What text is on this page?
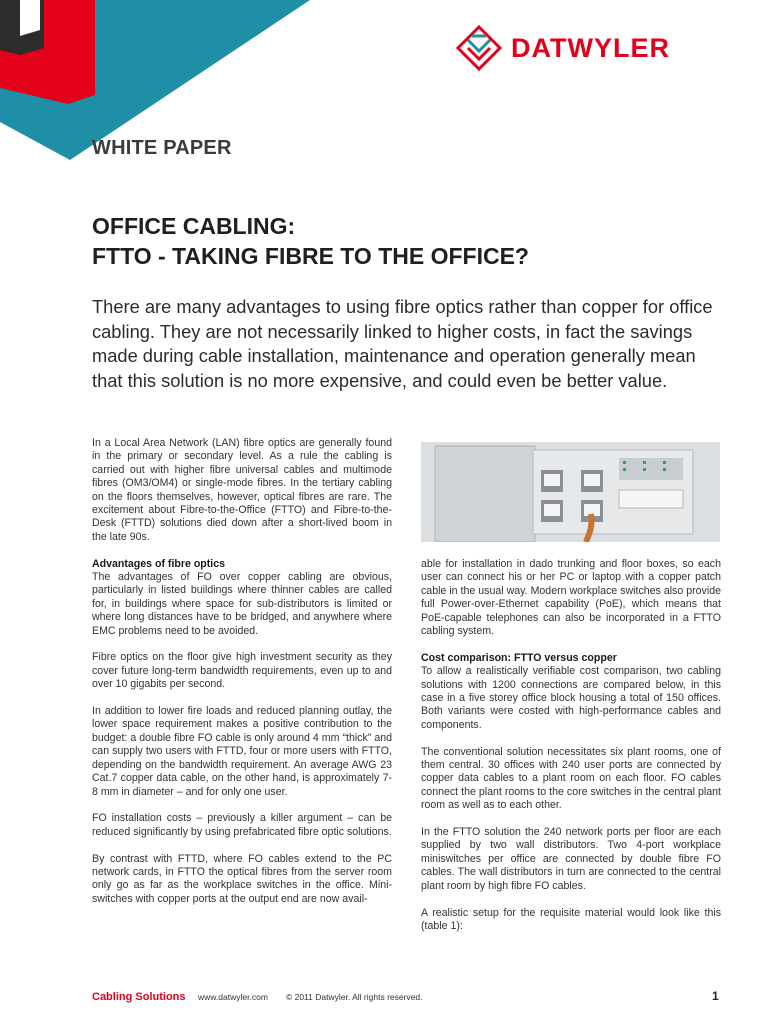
DATWYLER
WHITE PAPER
OFFICE CABLING:
FTTO - TAKING FIBRE TO THE OFFICE?

There are many advantages to using fibre optics rather than copper for office cabling. They are not necessarily linked to higher costs, in fact the savings made during cable installation, maintenance and operation generally mean that this solution is no more expensive, and could even be better value.

In a Local Area Network (LAN) fibre optics are generally found in the primary or secondary level. As a rule the cabling is carried out with higher fibre universal cables and multimode fibres (OM3/OM4) or single-mode fibres. In the tertiary cabling on the floors themselves, however, optical fibres are rare. The excitement about Fibre-to-the-Office (FTTO) and Fibre-to-the-Desk (FTTD) solutions died down after a short-lived boom in the late 90s.

Advantages of fibre optics

The advantages of FO over copper cabling are obvious, particularly in listed buildings where thinner cables are called for, in buildings where space for sub-distributors is limited or where long distances have to be bridged, and anywhere where EMC problems need to be avoided.

Fibre optics on the floor give high investment security as they cover future long-term bandwidth requirements, even up to and over 10 gigabits per second.

In addition to lower fire loads and reduced planning outlay, the lower space requirement makes a positive contribution to the budget: a double fibre FO cable is only around 4 mm “thick” and can supply two users with FTTD, four or more users with FTTO, depending on the bandwidth requirement. An average AWG 23 Cat.7 copper data cable, on the other hand, is approximately 7-8 mm in diameter – and for only one user.

FO installation costs – previously a killer argument – can be reduced significantly by using prefabricated fibre optic solutions.

By contrast with FTTD, where FO cables extend to the PC network cards, in FTTO the optical fibres from the server room only go as far as the workplace switches in the office. Mini-switches with copper ports at the output end are now avail-

able for installation in dado trunking and floor boxes, so each user can connect his or her PC or laptop with a copper patch cable in the usual way. Modern workplace switches also provide full Power-over-Ethernet capability (PoE), which means that PoE-capable telephones can also be incorporated in a FTTO cabling system.

Cost comparison: FTTO versus copper

To allow a realistically verifiable cost comparison, two cabling solutions with 1200 connections are compared below, in this case in a five storey office block housing a total of 150 offices. Both variants were costed with high-performance cables and components.

The conventional solution necessitates six plant rooms, one of them central. 30 offices with 240 user ports are connected by copper data cables to a plant room on each floor. FO cables connect the plant rooms to the core switches in the central plant room as well as to each other.

In the FTTO solution the 240 network ports per floor are each supplied by two wall distributors. Two 4-port workplace miniswitches per office are connected by double fibre FO cables. The wall distributors in turn are connected to the central plant room by high fibre FO cables.

A realistic setup for the requisite material would look like this (table 1):

Cabling Solutions www.datwyler.com © 2011 Datwyler. All rights reserved.	1
